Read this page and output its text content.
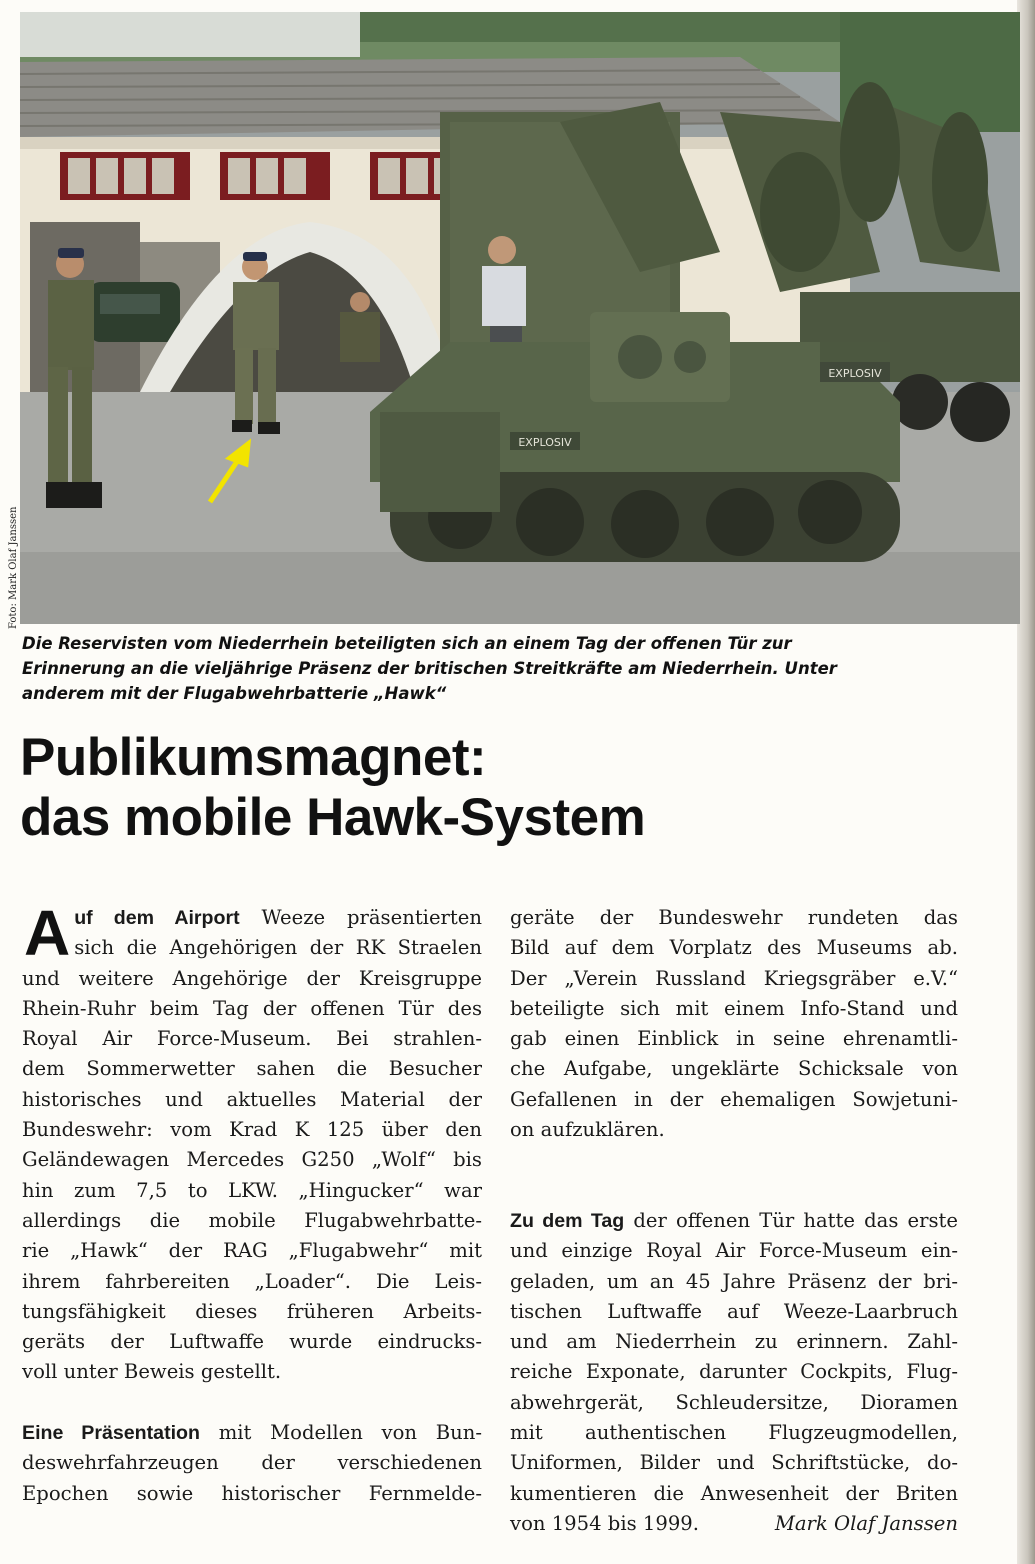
EXPLOSIV
EXPLOSIV
Foto: Mark Olaf Janssen
Die Reservisten vom Niederrhein beteiligten sich an einem Tag der offenen Tür zur
Erinnerung an die vieljährige Präsenz der britischen Streitkräfte am Niederrhein. Unter
anderem mit der Flugabwehrbatterie „Hawk“
Publikumsmagnet:
das mobile Hawk-System
A uf dem Airport Weeze präsentierten
sich die Angehörigen der RK Straelen
und weitere Angehörige der Kreisgruppe
Rhein-Ruhr beim Tag der offenen Tür des
Royal Air Force-Museum. Bei strahlen-
dem Sommerwetter sahen die Besucher
historisches und aktuelles Material der
Bundeswehr: vom Krad K 125 über den
Geländewagen Mercedes G250 „Wolf“ bis
hin zum 7,5 to LKW. „Hingucker“ war
allerdings die mobile Flugabwehrbatte-
rie „Hawk“ der RAG „Flugabwehr“ mit
ihrem fahrbereiten „Loader“. Die Leis-
tungsfähigkeit dieses früheren Arbeits-
geräts der Luftwaffe wurde eindrucks-
voll unter Beweis gestellt.
Eine Präsentation mit Modellen von Bun-
deswehrfahrzeugen der verschiedenen
Epochen sowie historischer Fernmelde-
geräte der Bundeswehr rundeten das
Bild auf dem Vorplatz des Museums ab.
Der „Verein Russland Kriegsgräber e.V.“
beteiligte sich mit einem Info-Stand und
gab einen Einblick in seine ehrenamtli-
che Aufgabe, ungeklärte Schicksale von
Gefallenen in der ehemaligen Sowjetuni-
on aufzuklären.
Zu dem Tag der offenen Tür hatte das erste
und einzige Royal Air Force-Museum ein-
geladen, um an 45 Jahre Präsenz der bri-
tischen Luftwaffe auf Weeze-Laarbruch
und am Niederrhein zu erinnern. Zahl-
reiche Exponate, darunter Cockpits, Flug-
abwehrgerät, Schleudersitze, Dioramen
mit authentischen Flugzeugmodellen,
Uniformen, Bilder und Schriftstücke, do-
kumentieren die Anwesenheit der Briten
von 1954 bis 1999.	Mark Olaf Janssen
